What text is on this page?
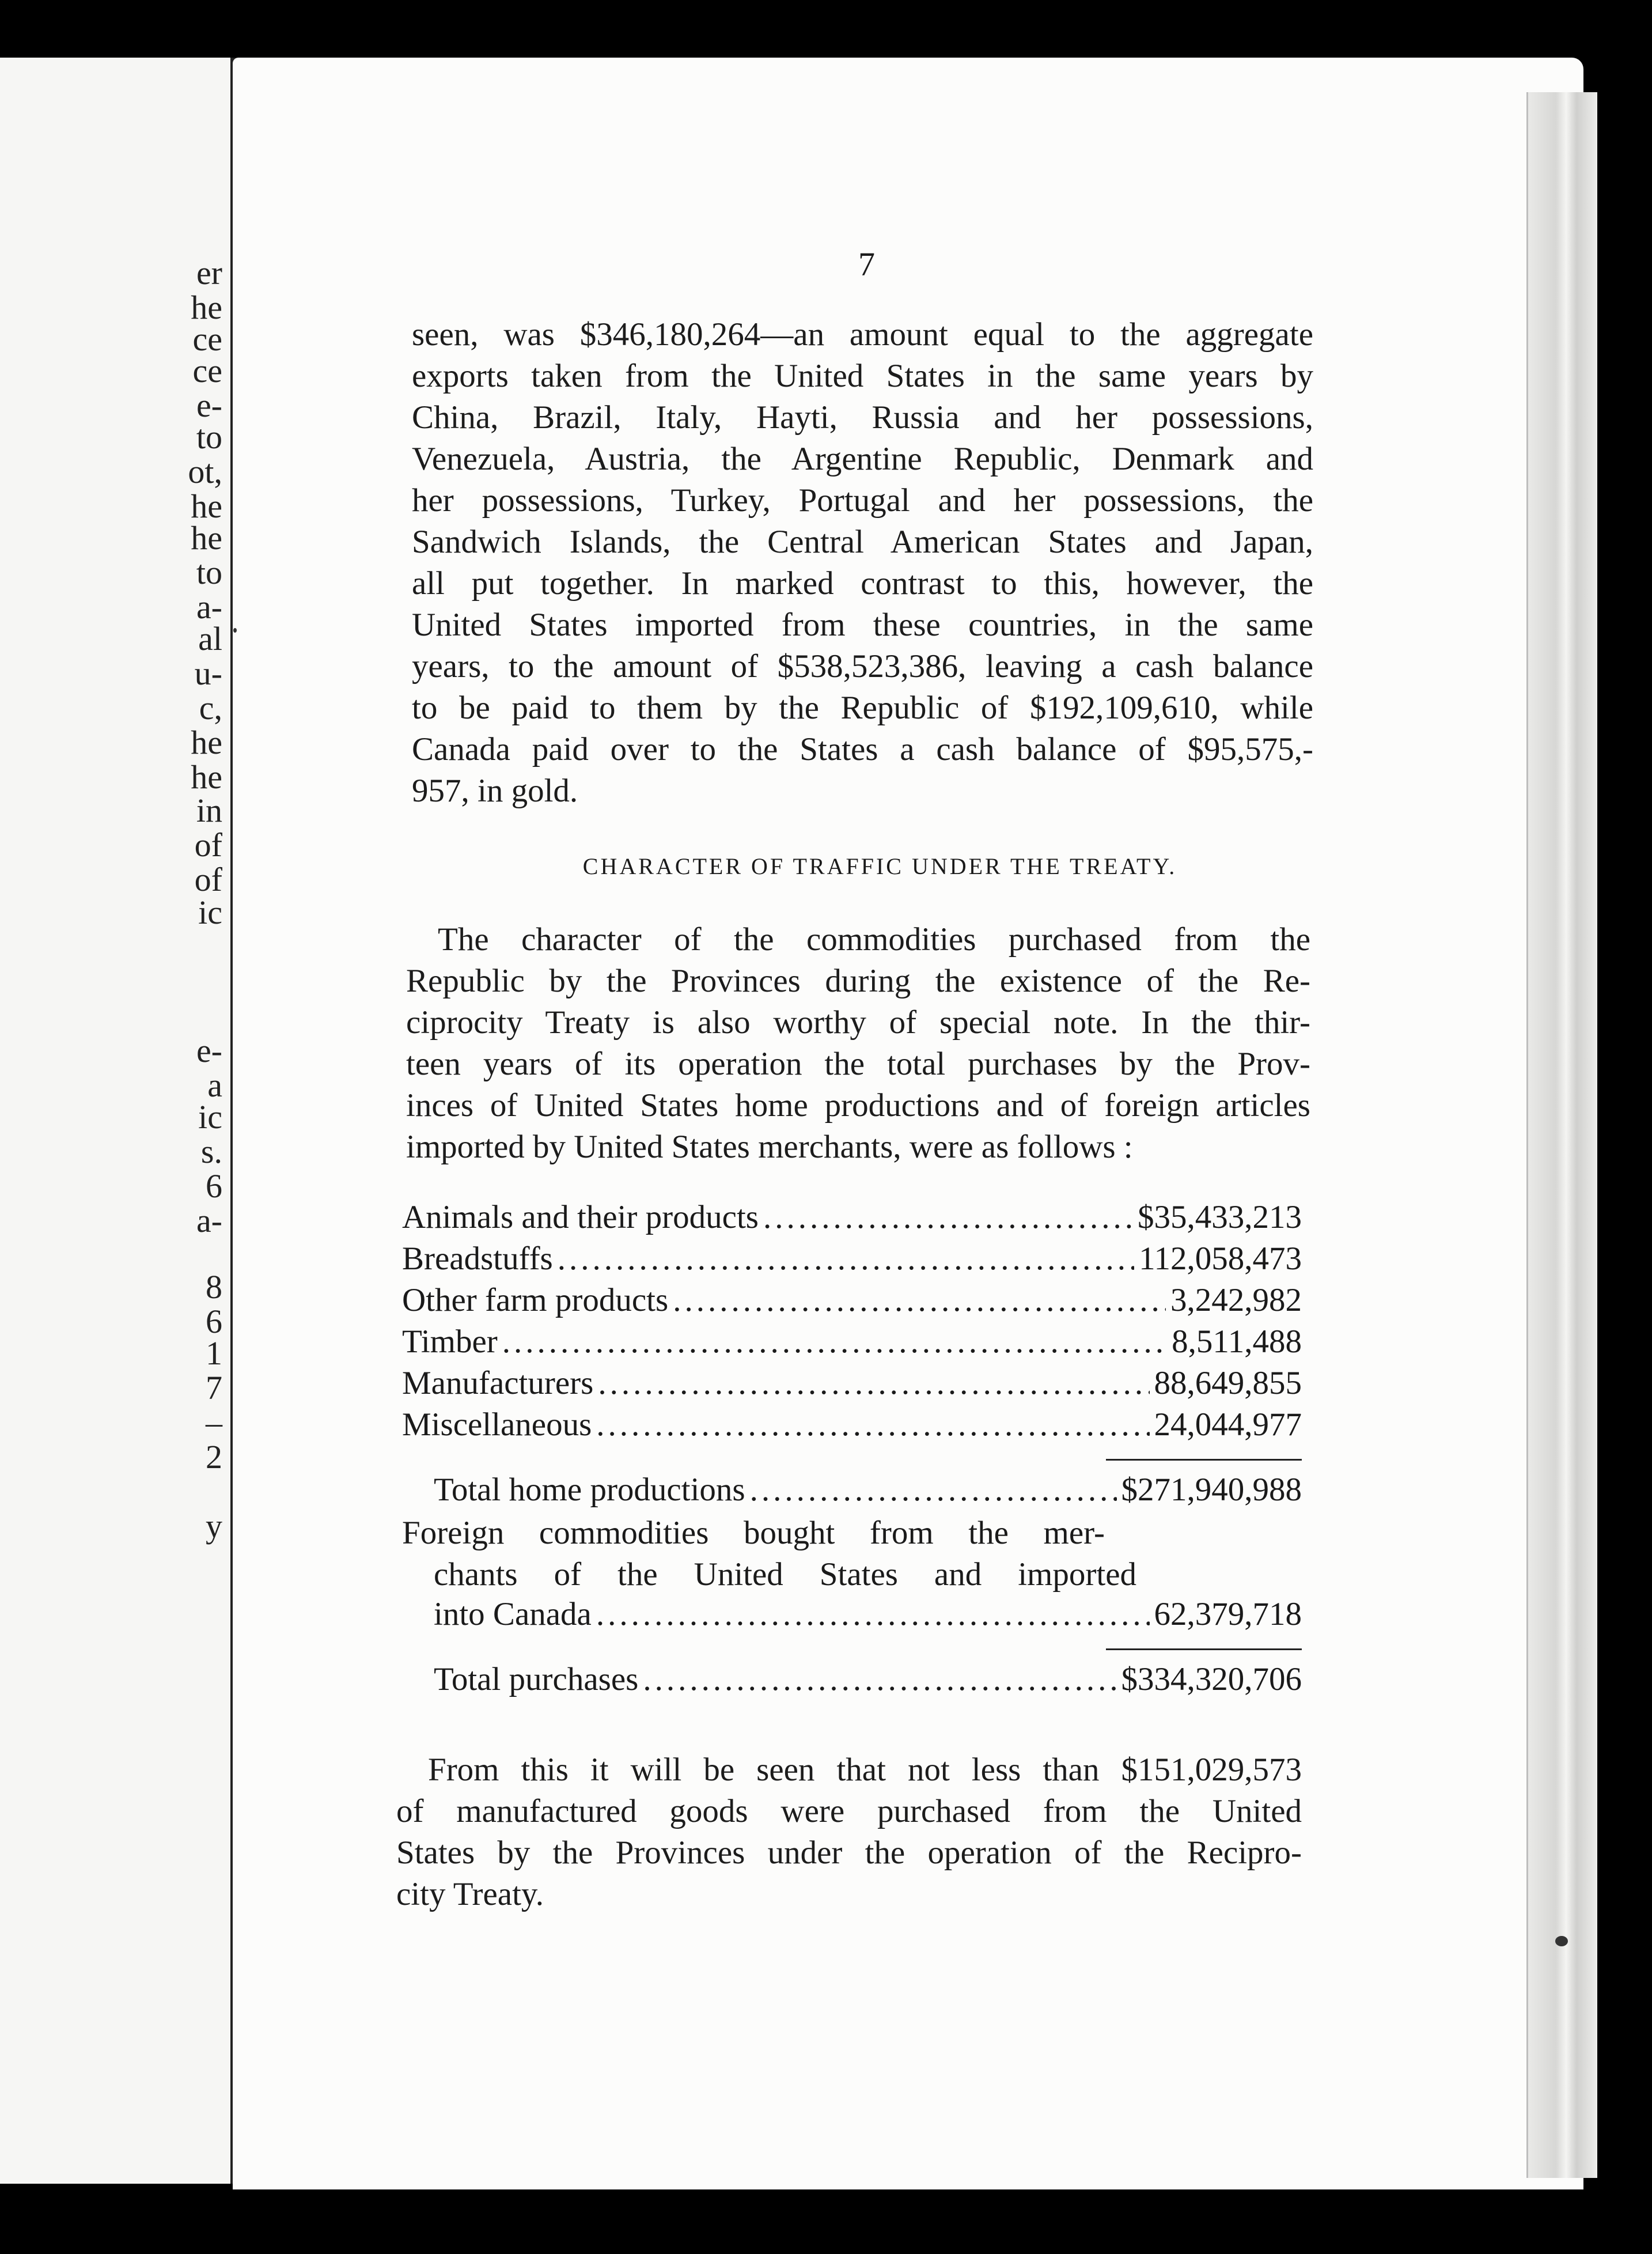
er
he
ce
ce
e-
to
ot,
he
he
to
a-
al
u-
c,
he
he
in
of
of
ic
e-
a
ic
s.
6
a-
8
6
1
7
–
2
y
7
seen, was $346,180,264—an amount equal to the aggregate
exports taken from the United States in the same years by
China, Brazil, Italy, Hayti, Russia and her possessions,
Venezuela, Austria, the Argentine Republic, Denmark and
her possessions, Turkey, Portugal and her possessions, the
Sandwich Islands, the Central American States and Japan,
all put together. In marked contrast to this, however, the
United States imported from these countries, in the same
years, to the amount of $538,523,386, leaving a cash balance
to be paid to them by the Republic of $192,109,610, while
Canada paid over to the States a cash balance of $95,575,-
957, in gold.
CHARACTER OF TRAFFIC UNDER THE TREATY.
The character of the commodities purchased from the
Republic by the Provinces during the existence of the Re-
ciprocity Treaty is also worthy of special note. In the thir-
teen years of its operation the total purchases by the Prov-
inces of United States home productions and of foreign articles
imported by United States merchants, were as follows :
Animals and their products .....	$35,433,213
Breadstuffs .....	112,058,473
Other farm products .....	3,242,982
Timber .....	8,511,488
Manufacturers .....	88,649,855
Miscellaneous .....	24,044,977
Total home productions .....	$271,940,988
Foreign commodities bought from the mer-
chants of the United States and imported
into Canada .....	62,379,718
Total purchases .....	$334,320,706
From this it will be seen that not less than $151,029,573
of manufactured goods were purchased from the United
States by the Provinces under the operation of the Recipro-
city Treaty.
